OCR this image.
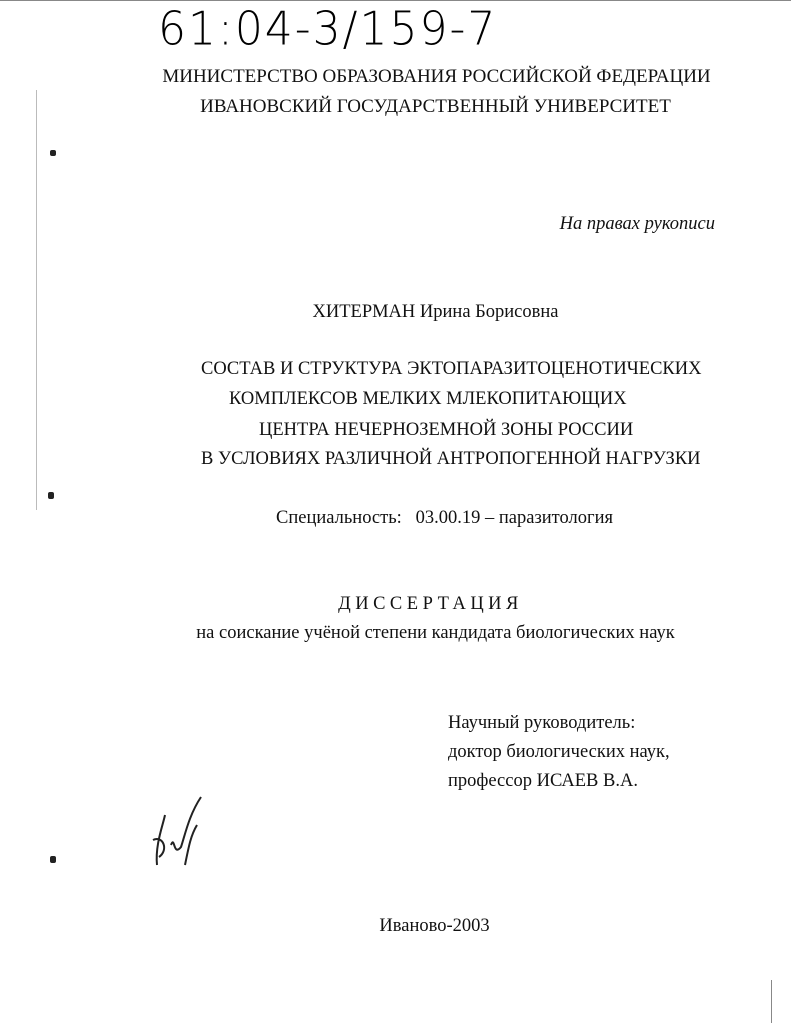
61:04-3/159-7
МИНИСТЕРСТВО ОБРАЗОВАНИЯ РОССИЙСКОЙ ФЕДЕРАЦИИ
ИВАНОВСКИЙ ГОСУДАРСТВЕННЫЙ УНИВЕРСИТЕТ
На правах рукописи
ХИТЕРМАН Ирина Борисовна
СОСТАВ И СТРУКТУРА ЭКТОПАРАЗИТОЦЕНОТИЧЕСКИХ
КОМПЛЕКСОВ МЕЛКИХ МЛЕКОПИТАЮЩИХ
ЦЕНТРА НЕЧЕРНОЗЕМНОЙ ЗОНЫ РОССИИ
В УСЛОВИЯХ РАЗЛИЧНОЙ АНТРОПОГЕННОЙ НАГРУЗКИ
Специальность: 03.00.19 – паразитология
ДИССЕРТАЦИЯ
на соискание учёной степени кандидата биологических наук
Научный руководитель:
доктор биологических наук,
профессор ИСАЕВ В.А.
Иваново-2003
